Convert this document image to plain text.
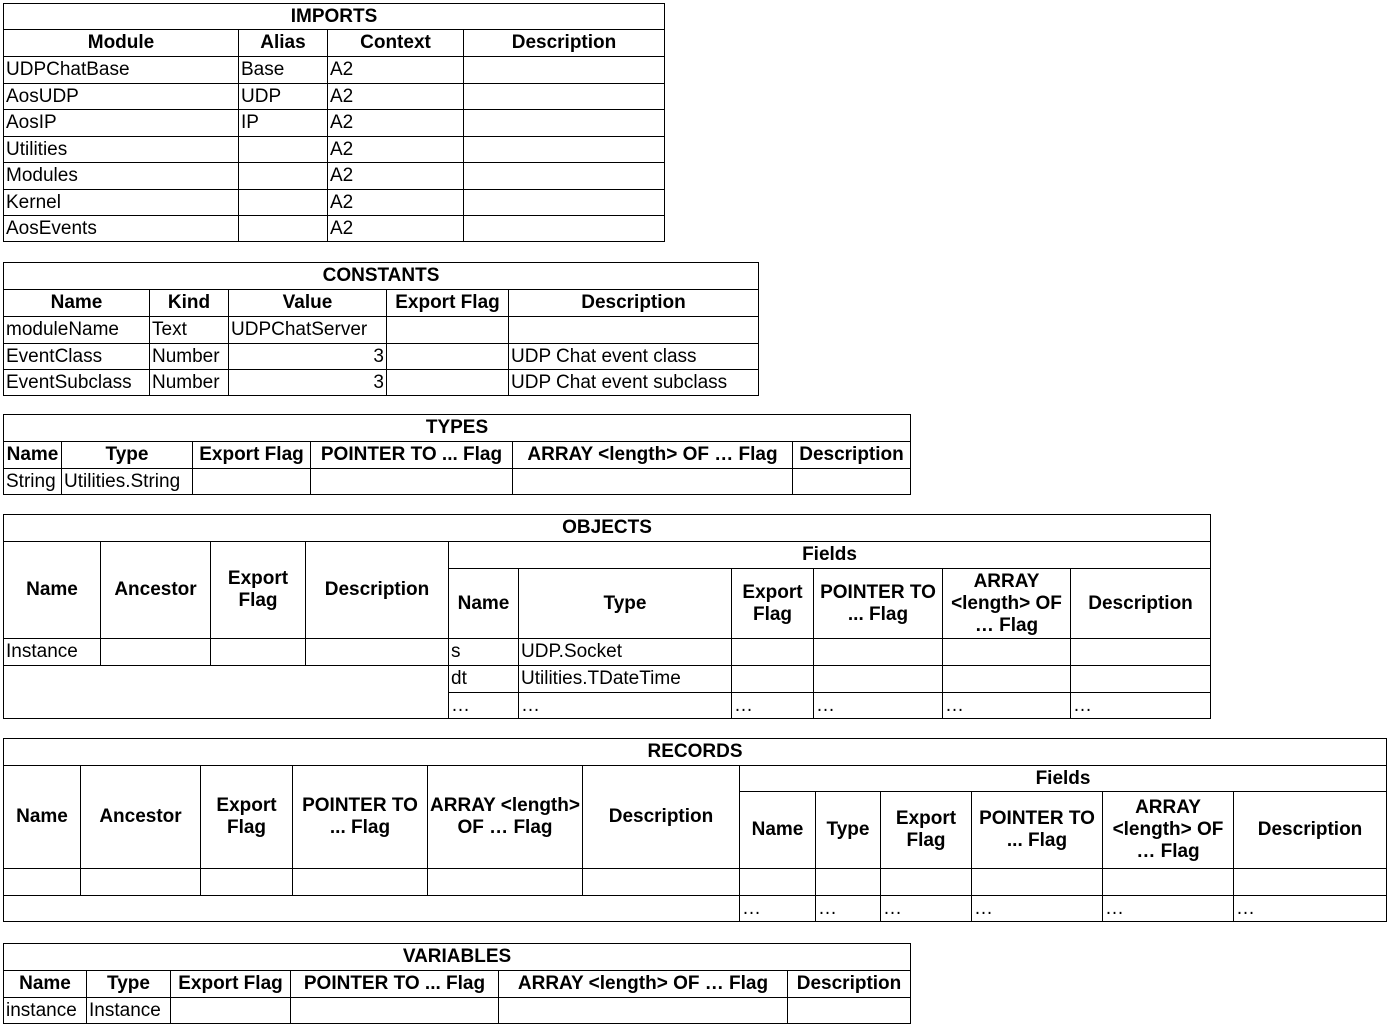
IMPORTS			
Module	Alias	Context	Description
UDPChatBase	Base	A2	
AosUDP	UDP	A2	
AosIP	IP	A2	
Utilities		A2	
Modules		A2	
Kernel		A2	
AosEvents		A2	
CONSTANTS				
Name	Kind	Value	Export Flag	Description
moduleName	Text	UDPChatServer		
EventClass	Number	3		UDP Chat event class
EventSubclass	Number	3		UDP Chat event subclass
TYPES					
Name	Type	Export Flag	POINTER TO ... Flag	ARRAY <length> OF … Flag	Description
String	Utilities.String				
OBJECTS									
Name	Ancestor	Export Flag	Description	Fields					
				Name	Type	Export Flag	POINTER TO ... Flag	ARRAY <length> OF … Flag	Description
Instance				s	UDP.Socket				
				dt	Utilities.TDateTime				
				…	…	…	…	…	…
RECORDS											
Name	Ancestor	Export Flag	POINTER TO ... Flag	ARRAY <length> OF … Flag	Description	Fields					
						Name	Type	Export Flag	POINTER TO ... Flag	ARRAY <length> OF … Flag	Description

						…	…	…	…	…	…
VARIABLES					
Name	Type	Export Flag	POINTER TO ... Flag	ARRAY <length> OF … Flag	Description
instance	Instance				
